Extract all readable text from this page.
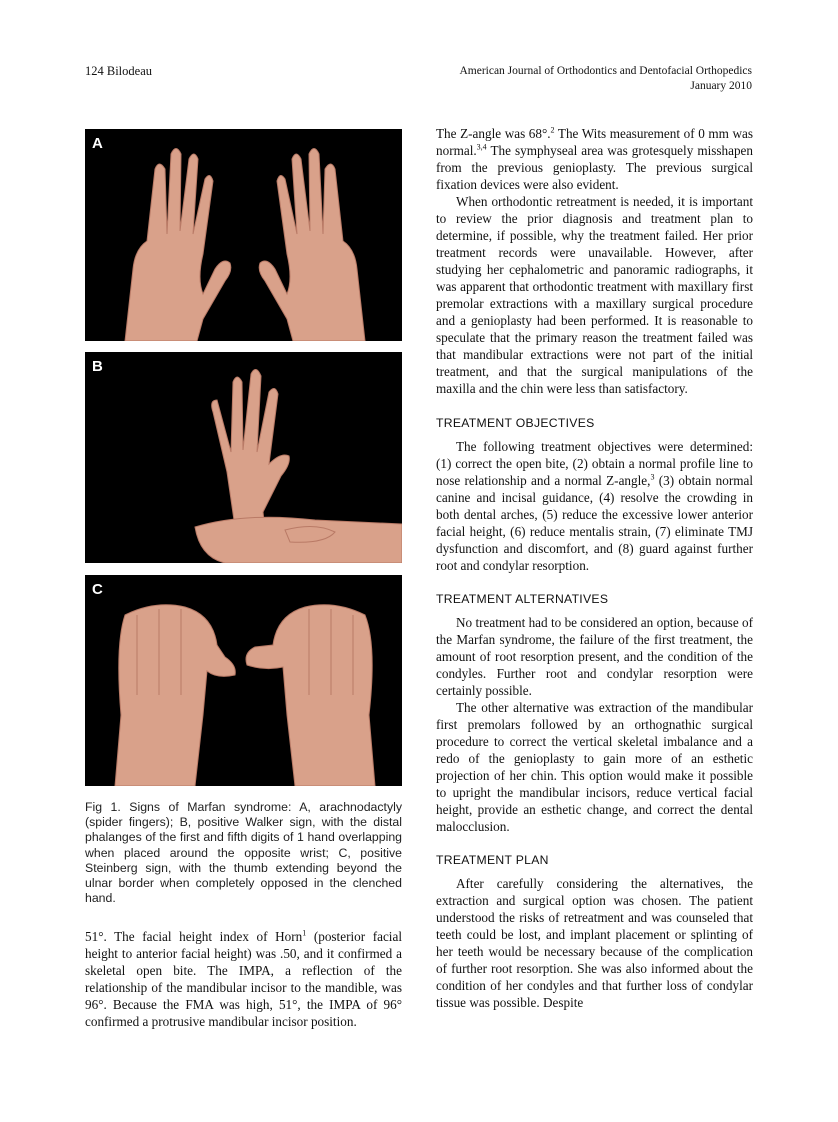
124 Bilodeau	American Journal of Orthodontics and Dentofacial Orthopedics
January 2010
A
B
C

Fig 1. Signs of Marfan syndrome: A, arachnodactyly (spider fingers); B, positive Walker sign, with the distal phalanges of the first and fifth digits of 1 hand overlapping when placed around the opposite wrist; C, positive Steinberg sign, with the thumb extending beyond the ulnar border when completely opposed in the clenched hand.

51°. The facial height index of Horn$^1$ (posterior facial height to anterior facial height) was .50, and it confirmed a skeletal open bite. The IMPA, a reflection of the relationship of the mandibular incisor to the mandible, was 96°. Because the FMA was high, 51°, the IMPA of 96° confirmed a protrusive mandibular incisor position.

The Z-angle was 68°.$^2$ The Wits measurement of 0 mm was normal.$^{3,4}$ The symphyseal area was grotesquely misshapen from the previous genioplasty. The previous surgical fixation devices were also evident.

When orthodontic retreatment is needed, it is important to review the prior diagnosis and treatment plan to determine, if possible, why the treatment failed. Her prior treatment records were unavailable. However, after studying her cephalometric and panoramic radiographs, it was apparent that orthodontic treatment with maxillary first premolar extractions with a maxillary surgical procedure and a genioplasty had been performed. It is reasonable to speculate that the primary reason the treatment failed was that mandibular extractions were not part of the initial treatment, and that the surgical manipulations of the maxilla and the chin were less than satisfactory.

TREATMENT OBJECTIVES

The following treatment objectives were determined: (1) correct the open bite, (2) obtain a normal profile line to nose relationship and a normal Z-angle,$^3$ (3) obtain normal canine and incisal guidance, (4) resolve the crowding in both dental arches, (5) reduce the excessive lower anterior facial height, (6) reduce mentalis strain, (7) eliminate TMJ dysfunction and discomfort, and (8) guard against further root and condylar resorption.

TREATMENT ALTERNATIVES

No treatment had to be considered an option, because of the Marfan syndrome, the failure of the first treatment, the amount of root resorption present, and the condition of the condyles. Further root and condylar resorption were certainly possible.

The other alternative was extraction of the mandibular first premolars followed by an orthognathic surgical procedure to correct the vertical skeletal imbalance and a redo of the genioplasty to gain more of an esthetic projection of her chin. This option would make it possible to upright the mandibular incisors, reduce vertical facial height, provide an esthetic change, and correct the dental malocclusion.

TREATMENT PLAN

After carefully considering the alternatives, the extraction and surgical option was chosen. The patient understood the risks of retreatment and was counseled that teeth could be lost, and implant placement or splinting of her teeth would be necessary because of the complication of further root resorption. She was also informed about the condition of her condyles and that further loss of condylar tissue was possible. Despite
